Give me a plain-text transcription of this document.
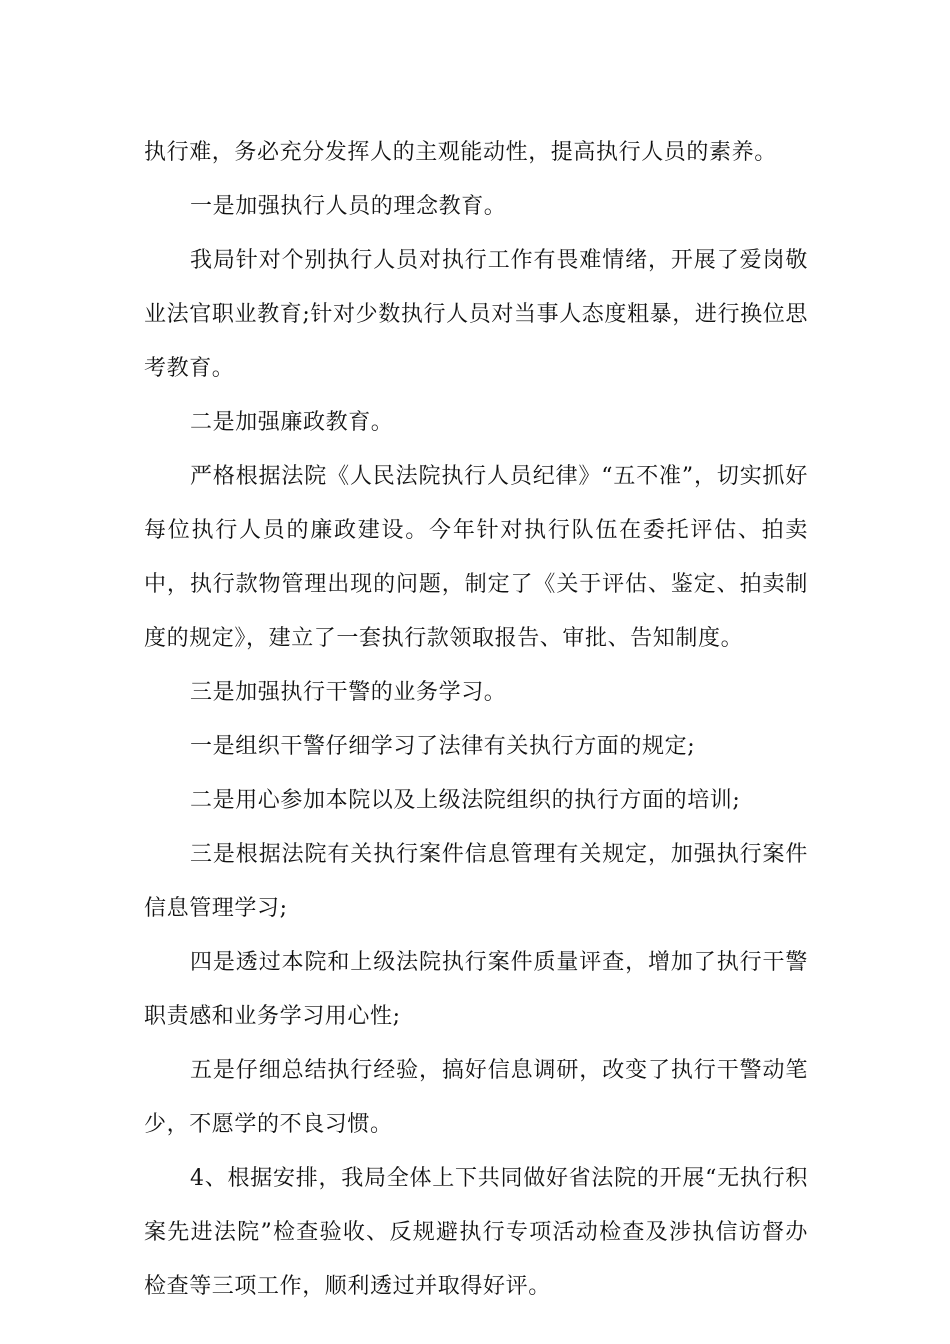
执行难，务必充分发挥人的主观能动性，提高执行人员的素养。

一是加强执行人员的理念教育。

我局针对个别执行人员对执行工作有畏难情绪，开展了爱岗敬业法官职业教育;针对少数执行人员对当事人态度粗暴，进行换位思考教育。

二是加强廉政教育。

严格根据法院《人民法院执行人员纪律》“五不准”，切实抓好每位执行人员的廉政建设。今年针对执行队伍在委托评估、拍卖中，执行款物管理出现的问题，制定了《关于评估、鉴定、拍卖制度的规定》，建立了一套执行款领取报告、审批、告知制度。

三是加强执行干警的业务学习。

一是组织干警仔细学习了法律有关执行方面的规定;

二是用心参加本院以及上级法院组织的执行方面的培训;

三是根据法院有关执行案件信息管理有关规定，加强执行案件信息管理学习;

四是透过本院和上级法院执行案件质量评查，增加了执行干警职责感和业务学习用心性;

五是仔细总结执行经验，搞好信息调研，改变了执行干警动笔少，不愿学的不良习惯。

4、根据安排，我局全体上下共同做好省法院的开展“无执行积案先进法院”检查验收、反规避执行专项活动检查及涉执信访督办检查等三项工作，顺利透过并取得好评。
